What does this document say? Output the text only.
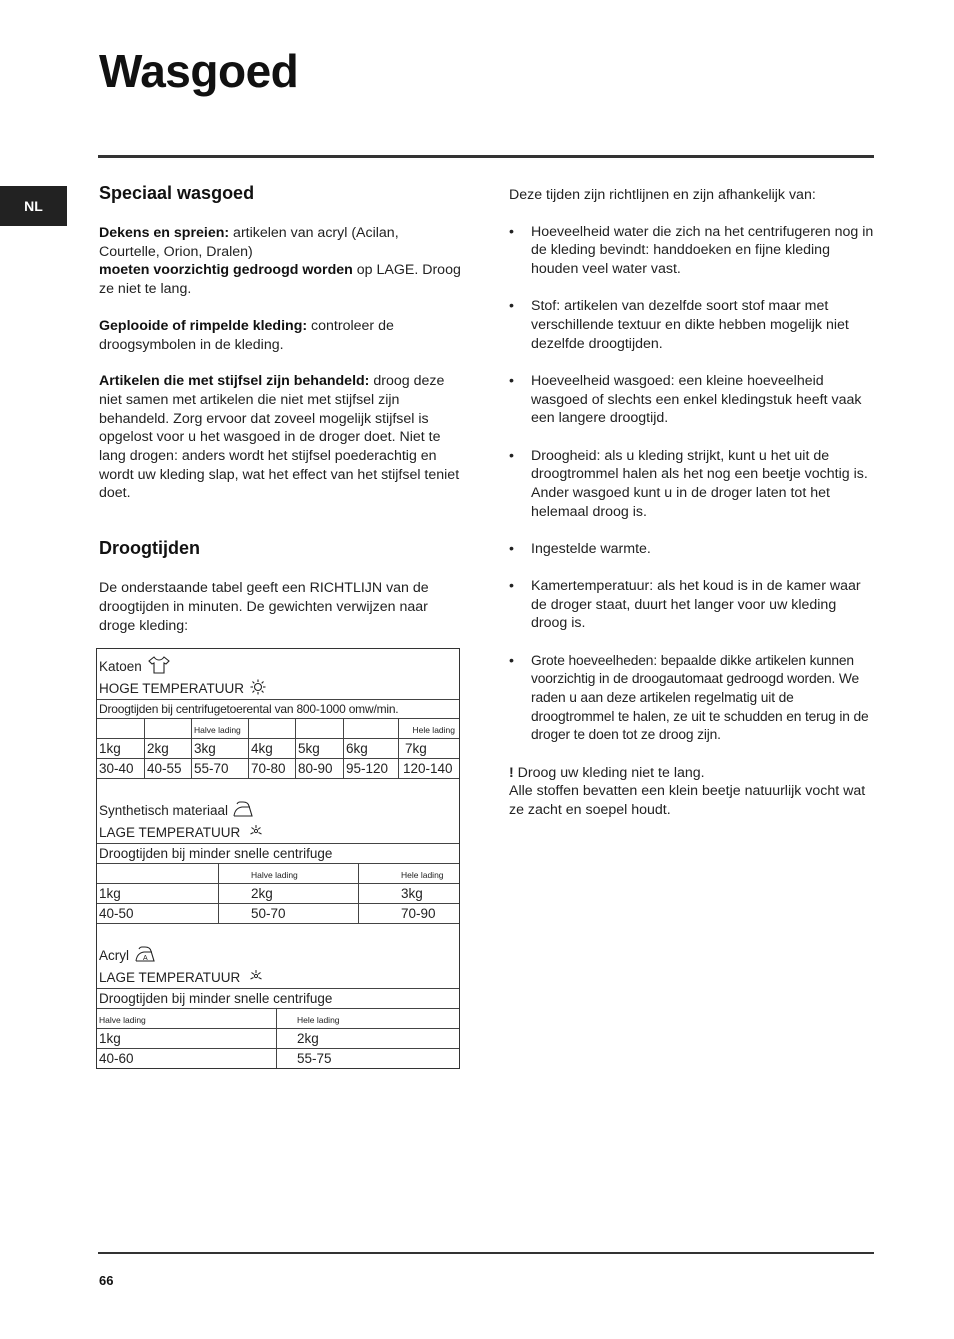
Wasgoed
NL
Speciaal wasgoed

Dekens en spreien: artikelen van acryl (Acilan, Courtelle, Orion, Dralen)
moeten voorzichtig gedroogd worden op LAGE. Droog ze niet te lang.

Geplooide of rimpelde kleding: controleer de droogsymbolen in de kleding.

Artikelen die met stijfsel zijn behandeld: droog deze niet samen met artikelen die niet met stijfsel zijn behandeld. Zorg ervoor dat zoveel mogelijk stijfsel is opgelost voor u het wasgoed in de droger doet. Niet te lang drogen: anders wordt het stijfsel poederachtig en wordt uw kleding slap, wat het effect van het stijfsel teniet doet.

Droogtijden

De onderstaande tabel geeft een RICHTLIJN van de droogtijden in minuten. De gewichten verwijzen naar droge kleding:

Katoen
HOGE TEMPERATUUR
Droogtijden bij centrifugetoerental van 800-1000 omw/min.

Halve lading

	Hele lading
1kg	2kg	3kg	4kg	5kg	6kg	7kg
30-40 40-55 55-70	70-80 80-90 95-120	120-140
Synthetisch materiaal
LAGE TEMPERATUUR
Droogtijden bij minder snelle centrifuge

Halve lading	Hele lading
1kg	2kg	3kg
40-50	50-70	70-90
Acryl A
LAGE TEMPERATUUR
Droogtijden bij minder snelle centrifuge
Halve lading	Hele lading
1kg	2kg
40-60	55-75

Deze tijden zijn richtlijnen en zijn afhankelijk van:

• Hoeveelheid water die zich na het centrifugeren nog in de kleding bevindt: handdoeken en fijne kleding houden veel water vast.
• Stof: artikelen van dezelfde soort stof maar met verschillende textuur en dikte hebben mogelijk niet dezelfde droogtijden.
• Hoeveelheid wasgoed: een kleine hoeveelheid wasgoed of slechts een enkel kledingstuk heeft vaak een langere droogtijd.
• Droogheid: als u kleding strijkt, kunt u het uit de droogtrommel halen als het nog een beetje vochtig is. Ander wasgoed kunt u in de droger laten tot het helemaal droog is.
• Ingestelde warmte.
• Kamertemperatuur: als het koud is in de kamer waar de droger staat, duurt het langer voor uw kleding droog is.
• Grote hoeveelheden: bepaalde dikke artikelen kunnen voorzichtig in de droogautomaat gedroogd worden. We raden u aan deze artikelen regelmatig uit de droogtrommel te halen, ze uit te schudden en terug in de droger te doen tot ze droog zijn.

! Droog uw kleding niet te lang.
Alle stoffen bevatten een klein beetje natuurlijk vocht wat ze zacht en soepel houdt.

66
